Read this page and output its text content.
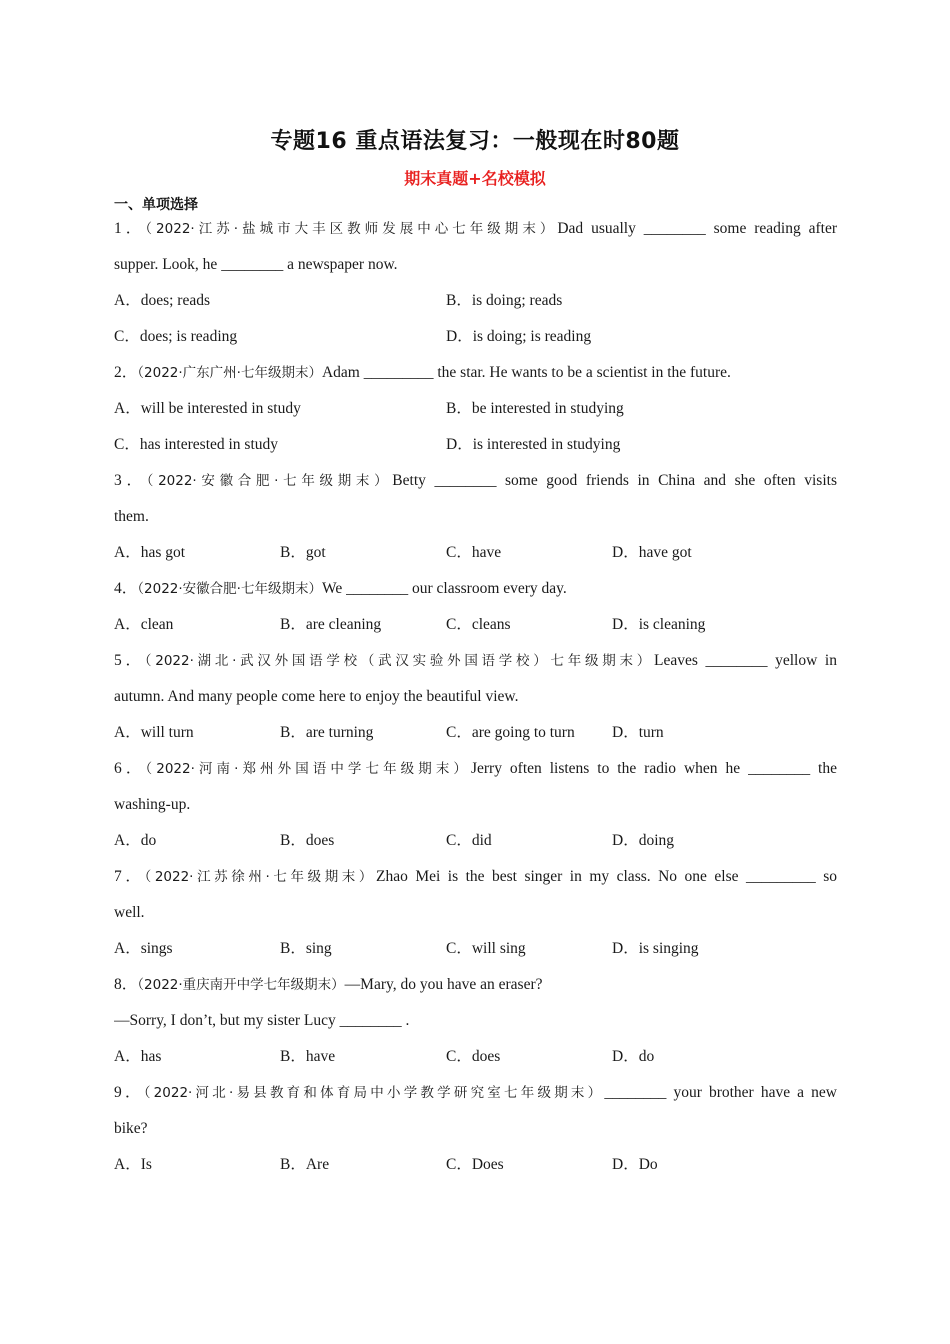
专题16 重点语法复习：一般现在时80题
期末真题+名校模拟
一、单项选择
1．（2022·江苏·盐城市大丰区教师发展中心七年级期末）Dad usually ________ some reading after
supper. Look, he ________ a newspaper now.
A．does; reads	B．is doing; reads
C．does; is reading	D．is doing; is reading
2．（2022·广东广州·七年级期末）Adam _________ the star. He wants to be a scientist in the future.
A．will be interested in study	B．be interested in studying
C．has interested in study	D．is interested in studying
3．（2022·安徽合肥·七年级期末）Betty ________ some good friends in China and she often visits
them.
A．has got	B．got	C．have	D．have got
4．（2022·安徽合肥·七年级期末）We ________ our classroom every day.
A．clean	B．are cleaning	C．cleans	D．is cleaning
5．（2022·湖北·武汉外国语学校（武汉实验外国语学校）七年级期末）Leaves ________ yellow in
autumn. And many people come here to enjoy the beautiful view.
A．will turn	B．are turning	C．are going to turn	D．turn
6．（2022·河南·郑州外国语中学七年级期末）Jerry often listens to the radio when he ________ the
washing-up.
A．do	B．does	C．did	D．doing
7．（2022·江苏徐州·七年级期末）Zhao Mei is the best singer in my class. No one else _________ so
well.
A．sings	B．sing	C．will sing	D．is singing
8．（2022·重庆南开中学七年级期末）—Mary, do you have an eraser?
—Sorry, I don’t, but my sister Lucy ________ .
A．has	B．have	C．does	D．do
9．（2022·河北·易县教育和体育局中小学教学研究室七年级期末）________ your brother have a new
bike?
A．Is	B．Are	C．Does	D．Do
